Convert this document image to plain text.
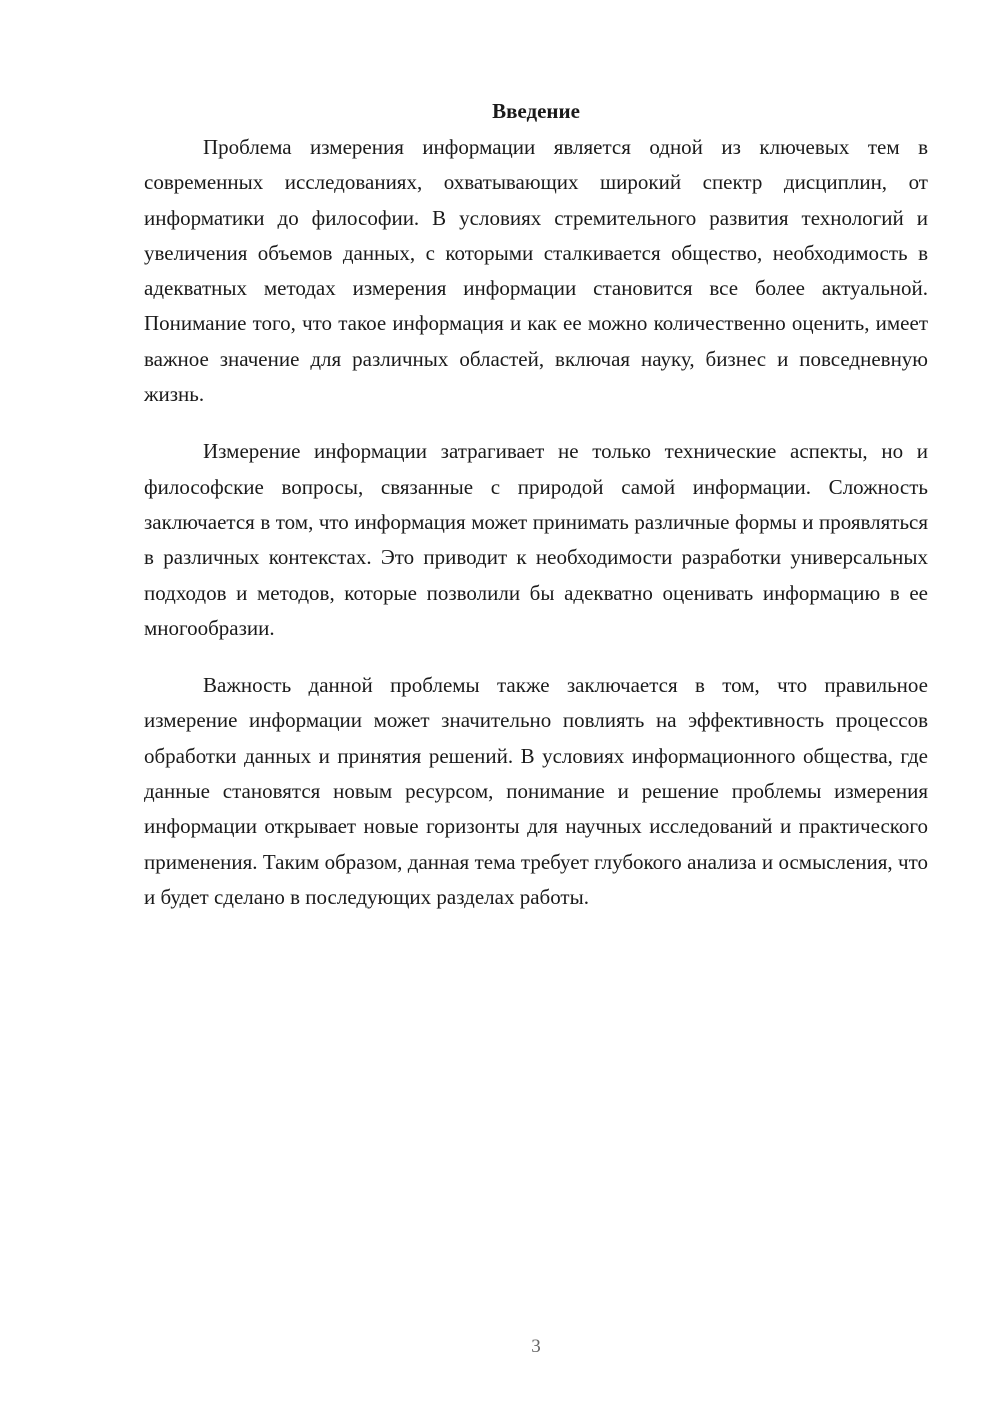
Введение

Проблема измерения информации является одной из ключевых тем в современных исследованиях, охватывающих широкий спектр дисциплин, от информатики до философии. В условиях стремительного развития технологий и увеличения объемов данных, с которыми сталкивается общество, необходимость в адекватных методах измерения информации становится все более актуальной. Понимание того, что такое информация и как ее можно количественно оценить, имеет важное значение для различных областей, включая науку, бизнес и повседневную жизнь.

Измерение информации затрагивает не только технические аспекты, но и философские вопросы, связанные с природой самой информации. Сложность заключается в том, что информация может принимать различные формы и проявляться в различных контекстах. Это приводит к необходимости разработки универсальных подходов и методов, которые позволили бы адекватно оценивать информацию в ее многообразии.

Важность данной проблемы также заключается в том, что правильное измерение информации может значительно повлиять на эффективность процессов обработки данных и принятия решений. В условиях информационного общества, где данные становятся новым ресурсом, понимание и решение проблемы измерения информации открывает новые горизонты для научных исследований и практического применения. Таким образом, данная тема требует глубокого анализа и осмысления, что и будет сделано в последующих разделах работы.

3
